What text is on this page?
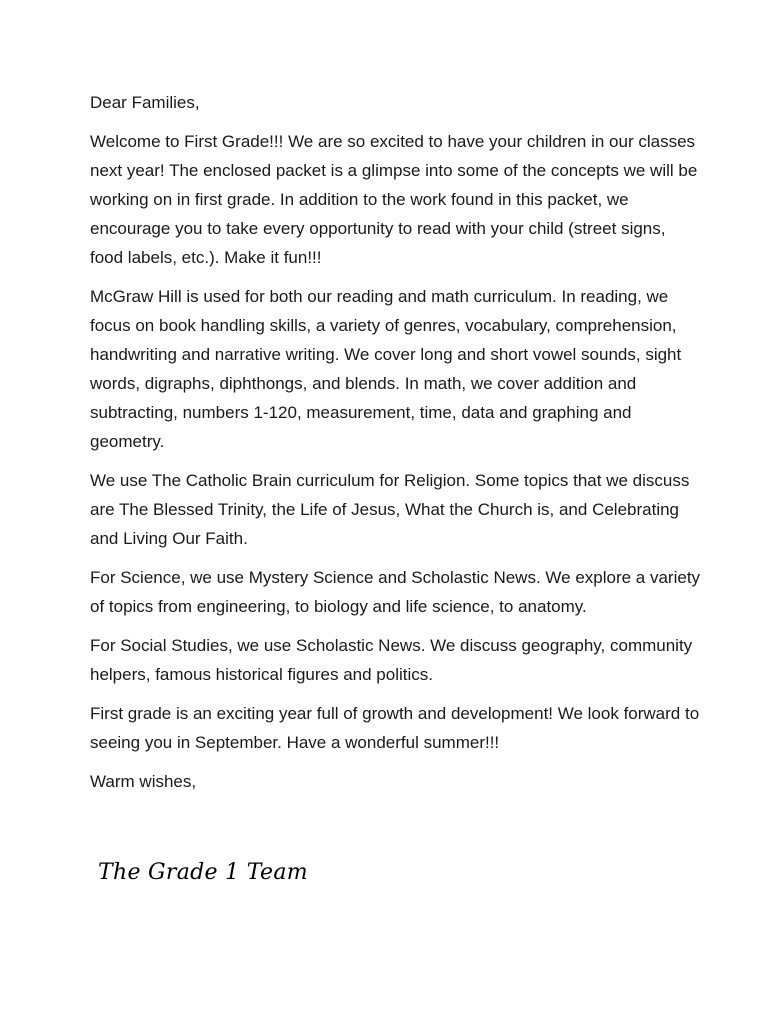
Dear Families,

Welcome to First Grade!!! We are so excited to have your children in our classes next year! The enclosed packet is a glimpse into some of the concepts we will be working on in first grade. In addition to the work found in this packet, we encourage you to take every opportunity to read with your child (street signs, food labels, etc.). Make it fun!!!

McGraw Hill is used for both our reading and math curriculum. In reading, we focus on book handling skills, a variety of genres, vocabulary, comprehension, handwriting and narrative writing. We cover long and short vowel sounds, sight words, digraphs, diphthongs, and blends. In math, we cover addition and subtracting, numbers 1-120, measurement, time, data and graphing and geometry.

We use The Catholic Brain curriculum for Religion. Some topics that we discuss are The Blessed Trinity, the Life of Jesus, What the Church is, and Celebrating and Living Our Faith.

For Science, we use Mystery Science and Scholastic News. We explore a variety of topics from engineering, to biology and life science, to anatomy.

For Social Studies, we use Scholastic News. We discuss geography, community helpers, famous historical figures and politics.

First grade is an exciting year full of growth and development! We look forward to seeing you in September. Have a wonderful summer!!!

Warm wishes,

The Grade 1 Team
